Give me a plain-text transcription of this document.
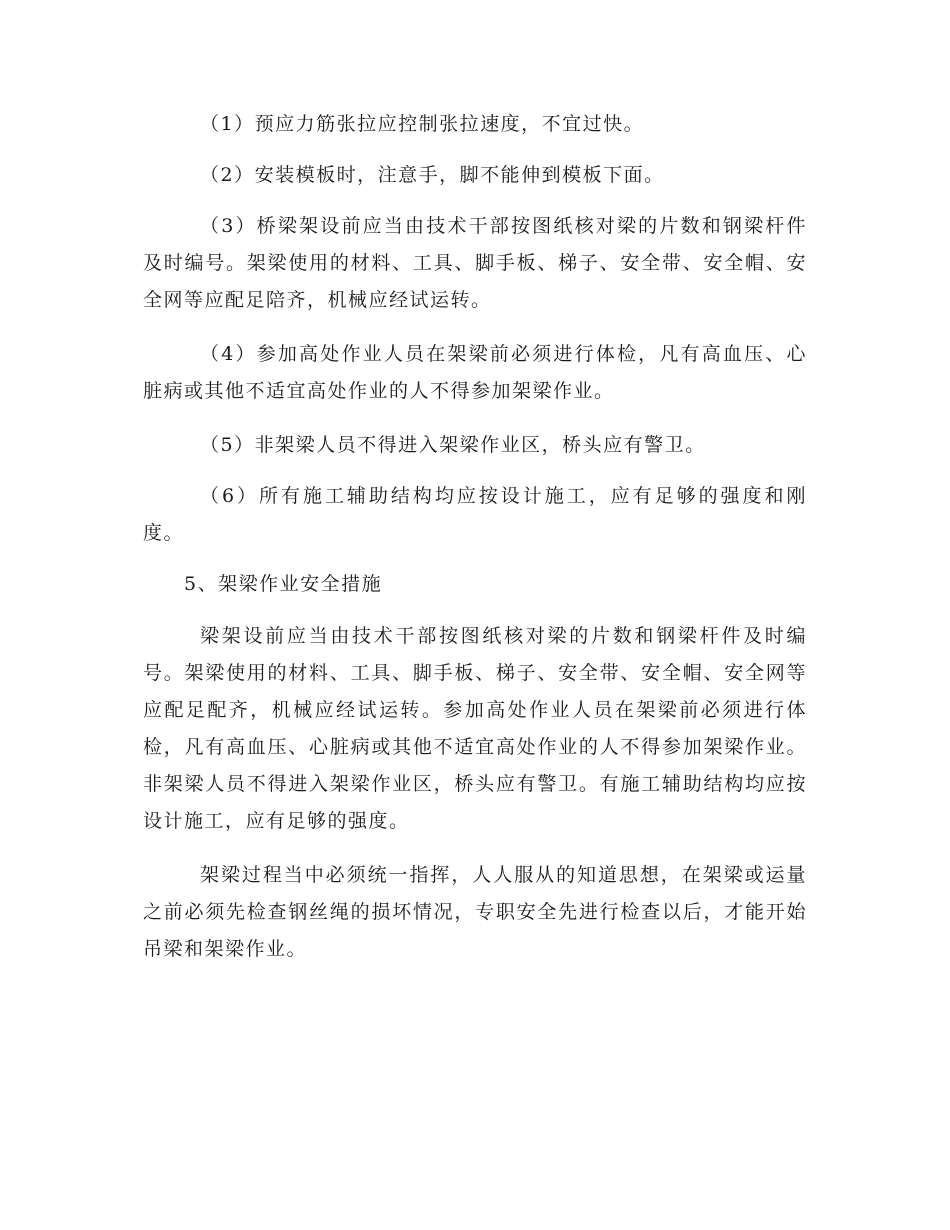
（1）预应力筋张拉应控制张拉速度，不宜过快。

（2）安装模板时，注意手，脚不能伸到模板下面。

（3）桥梁架设前应当由技术干部按图纸核对梁的片数和钢梁杆件及时编号。架梁使用的材料、工具、脚手板、梯子、安全带、安全帽、安全网等应配足陪齐，机械应经试运转。

（4）参加高处作业人员在架梁前必须进行体检，凡有高血压、心脏病或其他不适宜高处作业的人不得参加架梁作业。

（5）非架梁人员不得进入架梁作业区，桥头应有警卫。

（6）所有施工辅助结构均应按设计施工，应有足够的强度和刚度。

5、架梁作业安全措施

梁架设前应当由技术干部按图纸核对梁的片数和钢梁杆件及时编号。架梁使用的材料、工具、脚手板、梯子、安全带、安全帽、安全网等应配足配齐，机械应经试运转。参加高处作业人员在架梁前必须进行体检，凡有高血压、心脏病或其他不适宜高处作业的人不得参加架梁作业。非架梁人员不得进入架梁作业区，桥头应有警卫。有施工辅助结构均应按设计施工，应有足够的强度。

架梁过程当中必须统一指挥，人人服从的知道思想，在架梁或运量之前必须先检查钢丝绳的损坏情况，专职安全先进行检查以后，才能开始吊梁和架梁作业。
